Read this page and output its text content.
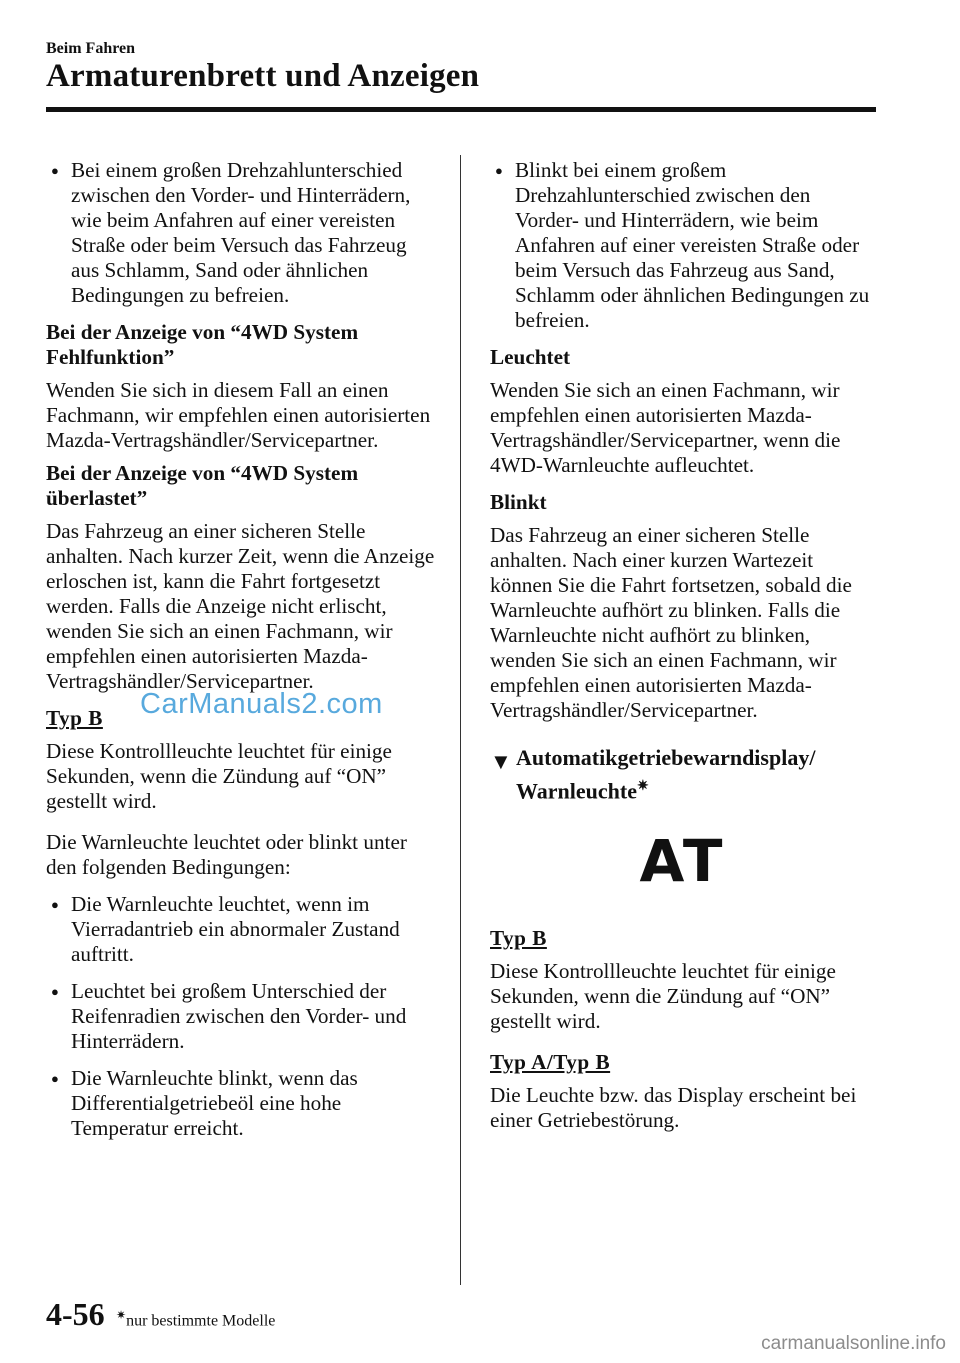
Beim Fahren
Armaturenbrett und Anzeigen

● Bei einem großen Drehzahlunterschied zwischen den Vorder- und Hinterrädern, wie beim Anfahren auf einer vereisten Straße oder beim Versuch das Fahrzeug aus Schlamm, Sand oder ähnlichen Bedingungen zu befreien.

Bei der Anzeige von “4WD System Fehlfunktion”

Wenden Sie sich in diesem Fall an einen Fachmann, wir empfehlen einen autorisierten Mazda-Vertragshändler/Servicepartner.

Bei der Anzeige von “4WD System überlastet”

Das Fahrzeug an einer sicheren Stelle anhalten. Nach kurzer Zeit, wenn die Anzeige erloschen ist, kann die Fahrt fortgesetzt werden. Falls die Anzeige nicht erlischt, wenden Sie sich an einen Fachmann, wir empfehlen einen autorisierten Mazda-Vertragshändler/Servicepartner.

Typ B

Diese Kontrollleuchte leuchtet für einige Sekunden, wenn die Zündung auf “ON” gestellt wird.

Die Warnleuchte leuchtet oder blinkt unter den folgenden Bedingungen:

● Die Warnleuchte leuchtet, wenn im Vierradantrieb ein abnormaler Zustand auftritt.

● Leuchtet bei großem Unterschied der Reifenradien zwischen den Vorder- und Hinterrädern.

● Die Warnleuchte blinkt, wenn das Differentialgetriebeöl eine hohe Temperatur erreicht.

● Blinkt bei einem großem Drehzahlunterschied zwischen den Vorder- und Hinterrädern, wie beim Anfahren auf einer vereisten Straße oder beim Versuch das Fahrzeug aus Sand, Schlamm oder ähnlichen Bedingungen zu befreien.

Leuchtet

Wenden Sie sich an einen Fachmann, wir empfehlen einen autorisierten Mazda-Vertragshändler/Servicepartner, wenn die 4WD-Warnleuchte aufleuchtet.

Blinkt

Das Fahrzeug an einer sicheren Stelle anhalten. Nach einer kurzen Wartezeit können Sie die Fahrt fortsetzen, sobald die Warnleuchte aufhört zu blinken. Falls die Warnleuchte nicht aufhört zu blinken, wenden Sie sich an einen Fachmann, wir empfehlen einen autorisierten Mazda-Vertragshändler/Servicepartner.

▼ Automatikgetriebewarndisplay/ Warnleuchte✷

AT

Typ B

Diese Kontrollleuchte leuchtet für einige Sekunden, wenn die Zündung auf “ON” gestellt wird.

Typ A/Typ B

Die Leuchte bzw. das Display erscheint bei einer Getriebestörung.

CarManuals2.com
4-56 ✷nur bestimmte Modelle
carmanualsonline.info
